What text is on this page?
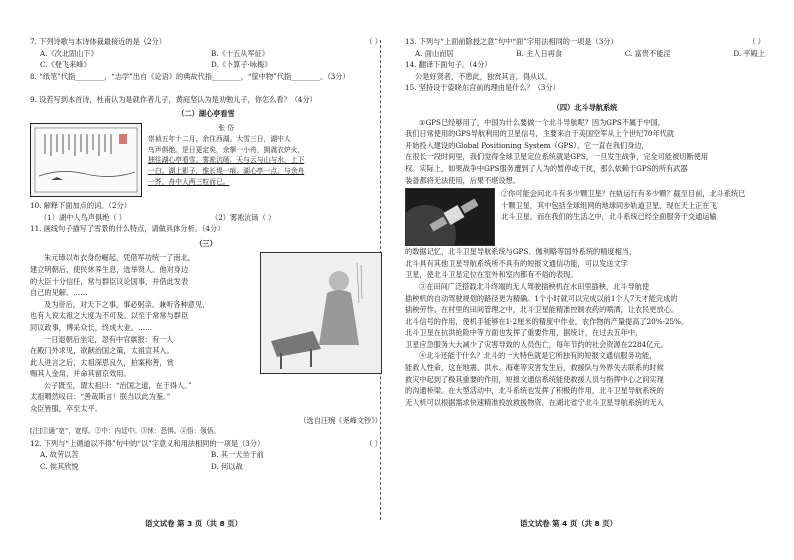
7. 下列诗歌与本诗体裁最接近的是（2分）	（ ）
A.《次北固山下》	B.《十五从军征》
C.《登飞来峰》	D.《卜算子·咏梅》
8. “纸笔”代指________，“志学”出自《论语》的典故代指________，“筐中物”代指________。（3分）
9. 设若写到本首诗，杜甫认为是就作者儿子，黄庭坚认为是劝勉儿子，你怎么看？（4分）
（二）湖心亭看雪
张 岱
崇祯五年十二月，余住西湖。大雪三日，湖中人
鸟声俱绝。是日更定矣，余拏一小舟，拥毳衣炉火，
独往湖心亭看雪。雾凇沆砀，天与云与山与水，上下
一白。湖上影子，惟长堤一痕、湖心亭一点、与余舟
一芥，舟中人两三粒而已。
10. 解释下面加点的词。（2分）
（1）湖中人鸟声俱绝（ ）	（2）雾凇沆砀（ ）
11. 画线句子描写了雪景的什么特点，请做具体分析。（4分）
（三）
朱元璋以布衣身份崛起，凭借军功统一了南北，
建立明朝后，使民休养生息，选举贤人。他对身边
的大臣十分信任，常与群臣议论国事，并借此发表
自己的见解。……
及为帝后，对天下之事，事必躬亲。兼听各种意见，
也有人说太祖之大度为不可及。以至于常常与群臣
同议政事，博采众长，终成大业。……
一日退朝后坐定，忽有中官禀报：有一人
在殿门外求见，欲献治国之策，太祖宣其入。
此人进言之后，太祖深思良久，拍案称善，赏
赐其人金帛，并命其留京效用。
公子既至，谓太祖曰：“治国之道，在于得人。”
太祖喟然叹曰：“善哉斯言！朕当以此为鉴。”
众臣皆服，卒至太平。
（选自汪琬《尧峰文钞》）
[注]①通“宽”，宽厚。②中：内廷中。③怵：恐惧。④悟：领悟。
12. 下列与“上循道以不得”句中的“以”字意义和用法相同的一项是（3分）	（ ）
A. 故劳以苦	B. 其一犬坐于前
C. 俟其欣悦	D. 何以战
语文试卷 第 3 页（共 8 页）
13. 下列与“上面前除授之意”句中“面”字用法相同的一项是（3分）	（ ）
A. 面山而居	B. 主人日再食	C. 富贵不能淫	D. 平殿上
14. 翻译下面句子。（4分）
公是好贤者，不患此，独赏其言，得从以。
15. 坚持设于姿晓东宫前的理由是什么？（3分）
（四）北斗导航系统
①GPS已经够用了，中国为什么要做一个北斗导航呢？因为GPS不属于中国，
我们日常使用的GPS导航利用的卫星信号，主要来自于美国空军从上个世纪70年代就
开始投入建设的Global Positioning System（GPS）。它一直在我们身边，
在很长一段时间里，我们觉得全球卫星定位系统就是GPS，一旦发生战争，完全可能被切断使用
权。实际上，如果战争中GPS服务遭到了人为的暂停或干扰，那么依赖于GPS的所有武器
装备都将无法使用，后果不堪设想。
②你可能会问北斗有多少颗卫星？在轨运行有多少颗？截至目前，北斗系统已
十颗卫星，其中包括全球组网的地球同步轨道卫星，现在天上正在飞
北斗卫星，而在我们的生活之中，北斗系统已经全面服务于交通运输
的数据记忆，北斗卫星导航系统与GPS、伽利略等国外系统的精度相当，
北斗具有其他卫星导航系统所不具有的短报文通信功能，可以发送文字
卫星，使北斗卫星定位在室外和室内都有不俗的表现。
③在田间广泛搭载北斗终端的无人驾驶插秧机在水田里插秧，北斗导航使
插秧机的自动驾驶规划的路径更为精确。1个小时就可以完成以前1个人7天才能完成的
插秧劳作。在村里的田间管理之中，北斗卫星能精准控制农药的喷洒，让农民更放心。
北斗信号的作用，使机手能够在1-2厘米的精度中作业，农作物的产量提高了20%-25%。
北斗卫星在抗洪抢险中等方面也发挥了重要作用，据统计，在过去五年中，
卫星应急服务大大减少了灾害导致的人员伤亡，每年节约的社会资源在2284亿元。
④北斗还能干什么？北斗的一大特色就是它所独有的短报文通信服务功能，
能救人性命，这在地震、洪水、海难等灾害发生后，救援队与外界失去联系的时候
救灾中起到了极其重要的作用，短报文通信系统能使救援人员与指挥中心之间实现
的沟通桥梁。在大型活动中，北斗系统也发挥了积极的作用，北斗卫星导航系统的
无人机可以根据需求快速精准投放救援物资，在湖北省宁北斗卫星导航系统的无人
语文试卷 第 4 页（共 8 页）
